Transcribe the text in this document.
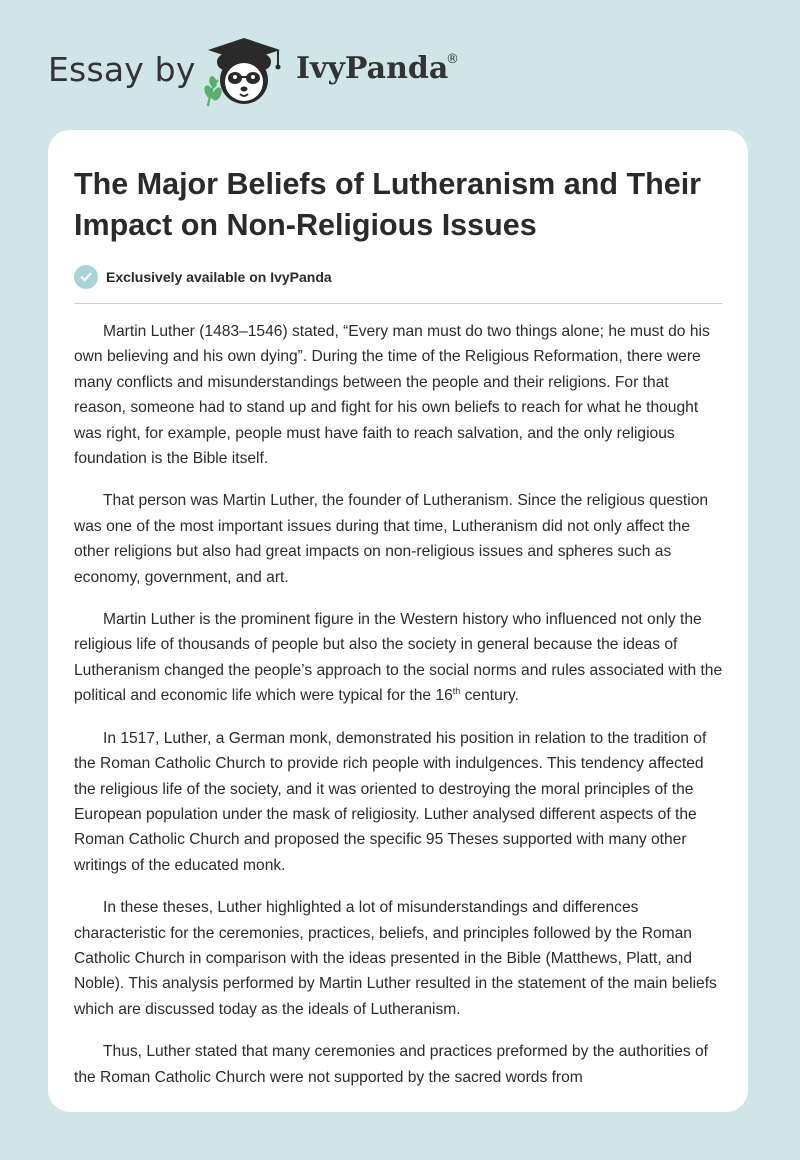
Essay by	IvyPanda
®
The Major Beliefs of Lutheranism and Their Impact on Non-Religious Issues
Exclusively available on IvyPanda

Martin Luther (1483–1546) stated, “Every man must do two things alone; he must do his own believing and his own dying”. During the time of the Religious Reformation, there were many conflicts and misunderstandings between the people and their religions. For that reason, someone had to stand up and fight for his own beliefs to reach for what he thought was right, for example, people must have faith to reach salvation, and the only religious foundation is the Bible itself.

That person was Martin Luther, the founder of Lutheranism. Since the religious question was one of the most important issues during that time, Lutheranism did not only affect the other religions but also had great impacts on non-religious issues and spheres such as economy, government, and art.

Martin Luther is the prominent figure in the Western history who influenced not only the religious life of thousands of people but also the society in general because the ideas of Lutheranism changed the people’s approach to the social norms and rules associated with the political and economic life which were typical for the 16th century.

In 1517, Luther, a German monk, demonstrated his position in relation to the tradition of the Roman Catholic Church to provide rich people with indulgences. This tendency affected the religious life of the society, and it was oriented to destroying the moral principles of the European population under the mask of religiosity. Luther analysed different aspects of the Roman Catholic Church and proposed the specific 95 Theses supported with many other writings of the educated monk.

In these theses, Luther highlighted a lot of misunderstandings and differences characteristic for the ceremonies, practices, beliefs, and principles followed by the Roman Catholic Church in comparison with the ideas presented in the Bible (Matthews, Platt, and Noble). This analysis performed by Martin Luther resulted in the statement of the main beliefs which are discussed today as the ideals of Lutheranism.

Thus, Luther stated that many ceremonies and practices preformed by the authorities of the Roman Catholic Church were not supported by the sacred words from
